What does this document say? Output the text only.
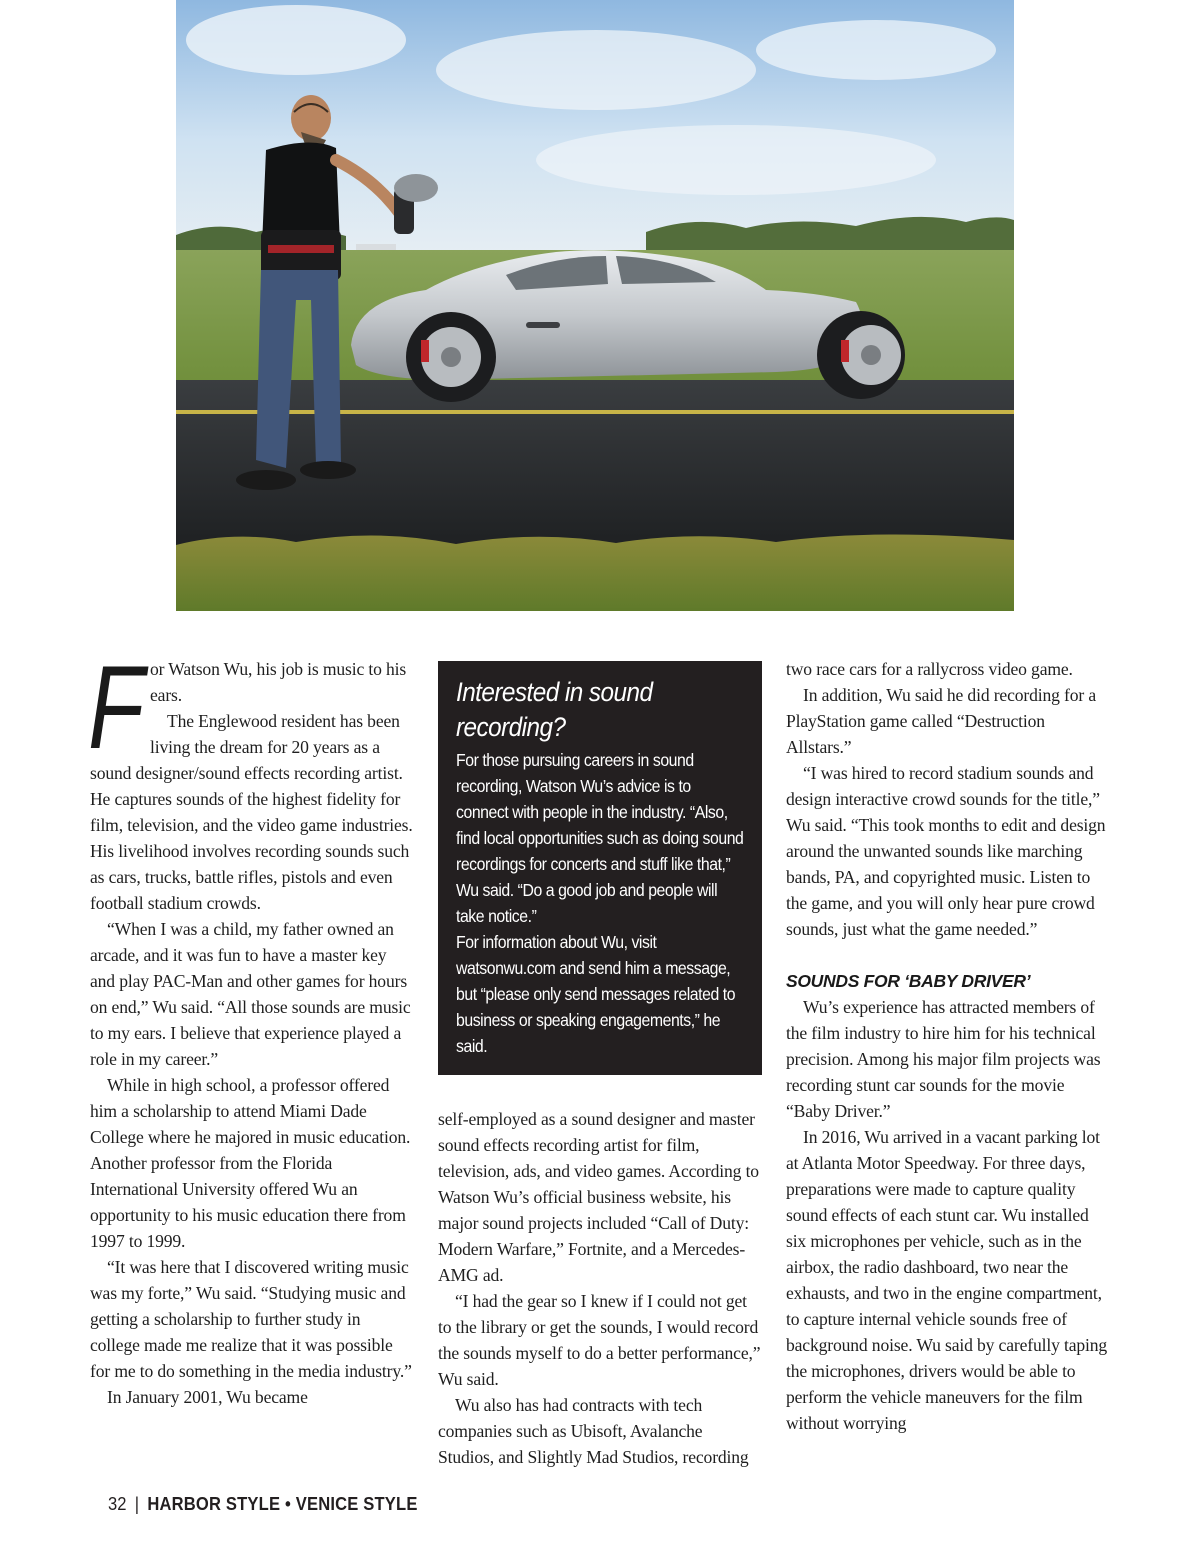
F or Watson Wu, his job is music to his ears.

The Englewood resident has been living the dream for 20 years as a sound designer/sound effects recording artist. He captures sounds of the highest fidelity for film, television, and the video game industries. His livelihood involves recording sounds such as cars, trucks, battle rifles, pistols and even football stadium crowds.

“When I was a child, my father owned an arcade, and it was fun to have a master key and play PAC-Man and other games for hours on end,” Wu said. “All those sounds are music to my ears. I believe that experience played a role in my career.”

While in high school, a professor offered him a scholarship to attend Miami Dade College where he majored in music education. Another professor from the Florida International University offered Wu an opportunity to his music education there from 1997 to 1999.

“It was here that I discovered writing music was my forte,” Wu said. “Studying music and getting a scholarship to further study in college made me realize that it was possible for me to do something in the media industry.”

In January 2001, Wu became

Interested in sound recording?

For those pursuing careers in sound recording, Watson Wu’s advice is to connect with people in the industry. “Also, find local opportunities such as doing sound recordings for concerts and stuff like that,” Wu said. “Do a good job and people will take notice.”

For information about Wu, visit watsonwu.com and send him a message, but “please only send messages related to business or speaking engagements,” he said.

self-employed as a sound designer and master sound effects recording artist for film, television, ads, and video games. According to Watson Wu’s official business website, his major sound projects included “Call of Duty: Modern Warfare,” Fortnite, and a Mercedes-AMG ad.

“I had the gear so I knew if I could not get to the library or get the sounds, I would record the sounds myself to do a better performance,” Wu said.

Wu also has had contracts with tech companies such as Ubisoft, Avalanche Studios, and Slightly Mad Studios, recording

two race cars for a rallycross video game.

In addition, Wu said he did recording for a PlayStation game called “Destruction Allstars.”

“I was hired to record stadium sounds and design interactive crowd sounds for the title,” Wu said. “This took months to edit and design around the unwanted sounds like marching bands, PA, and copyrighted music. Listen to the game, and you will only hear pure crowd sounds, just what the game needed.”

SOUNDS FOR ‘BABY DRIVER’

Wu’s experience has attracted members of the film industry to hire him for his technical precision. Among his major film projects was recording stunt car sounds for the movie “Baby Driver.”

In 2016, Wu arrived in a vacant parking lot at Atlanta Motor Speedway. For three days, preparations were made to capture quality sound effects of each stunt car. Wu installed six microphones per vehicle, such as in the airbox, the radio dashboard, two near the exhausts, and two in the engine compartment, to capture internal vehicle sounds free of background noise. Wu said by carefully taping the microphones, drivers would be able to perform the vehicle maneuvers for the film without worrying

32 | HARBOR STYLE • VENICE STYLE
